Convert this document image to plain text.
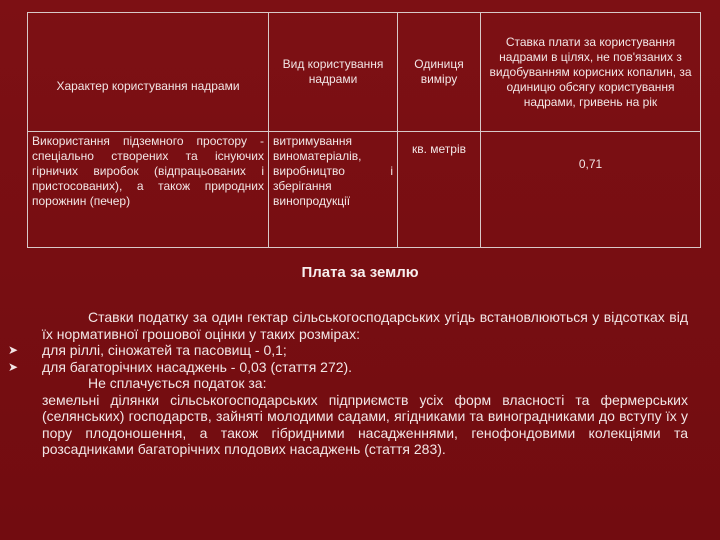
Характер користування надрами	Вид користування надрами	Одиниця виміру	Ставка плати за користування надрами в цілях, не пов'язаних з видобуванням корисних копалин, за одиницю обсягу користування надрами, гривень на рік
Використання підземного простору - спеціально створених та існуючих гірничих виробок (відпрацьованих і пристосованих), а також природних порожнин (печер)	витримування виноматеріалів, виробництво і зберігання винопродукції	кв. метрів	0,71
Плата за землю

Ставки податку за один гектар сільськогосподарських угідь встановлюються у відсотках від їх нормативної грошової оцінки у таких розмірах:

➤ для ріллі, сіножатей та пасовищ - 0,1;

➤ для багаторічних насаджень - 0,03 (стаття 272).

Не сплачується податок за:

земельні ділянки сільськогосподарських підприємств усіх форм власності та фермерських (селянських) господарств, зайняті молодими садами, ягідниками та виноградниками до вступу їх у пору плодоношення, а також гібридними насадженнями, генофондовими колекціями та розсадниками багаторічних плодових насаджень (стаття 283).
